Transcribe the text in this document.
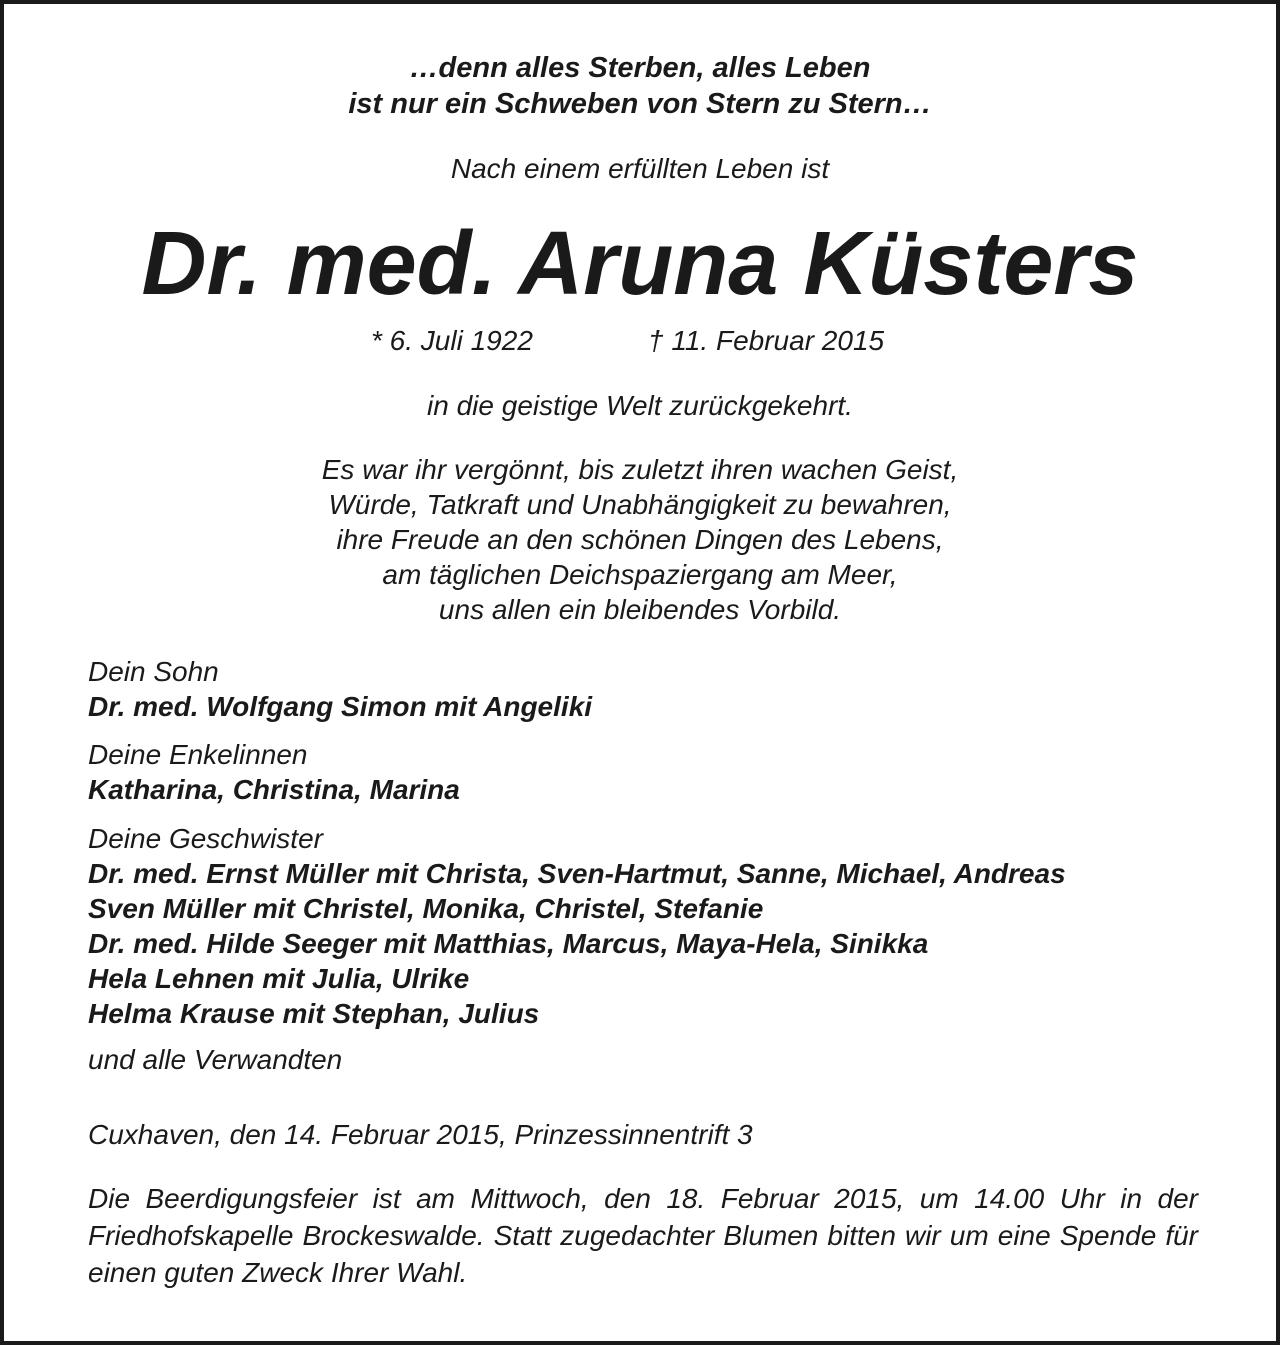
…denn alles Sterben, alles Leben
ist nur ein Schweben von Stern zu Stern…
Nach einem erfüllten Leben ist
Dr. med. Aruna Küsters
* 6. Juli 1922	† 11. Februar 2015
in die geistige Welt zurückgekehrt.
Es war ihr vergönnt, bis zuletzt ihren wachen Geist,
Würde, Tatkraft und Unabhängigkeit zu bewahren,
ihre Freude an den schönen Dingen des Lebens,
am täglichen Deichspaziergang am Meer,
uns allen ein bleibendes Vorbild.
Dein Sohn
Dr. med. Wolfgang Simon mit Angeliki
Deine Enkelinnen
Katharina, Christina, Marina
Deine Geschwister
Dr. med. Ernst Müller mit Christa, Sven-Hartmut, Sanne, Michael, Andreas
Sven Müller mit Christel, Monika, Christel, Stefanie
Dr. med. Hilde Seeger mit Matthias, Marcus, Maya-Hela, Sinikka
Hela Lehnen mit Julia, Ulrike
Helma Krause mit Stephan, Julius
und alle Verwandten
Cuxhaven, den 14. Februar 2015, Prinzessinnentrift 3
Die Beerdigungsfeier ist am Mittwoch, den 18. Februar 2015, um 14.00 Uhr in der Friedhofskapelle Brockeswalde. Statt zugedachter Blumen bitten wir um eine Spende für einen guten Zweck Ihrer Wahl.
